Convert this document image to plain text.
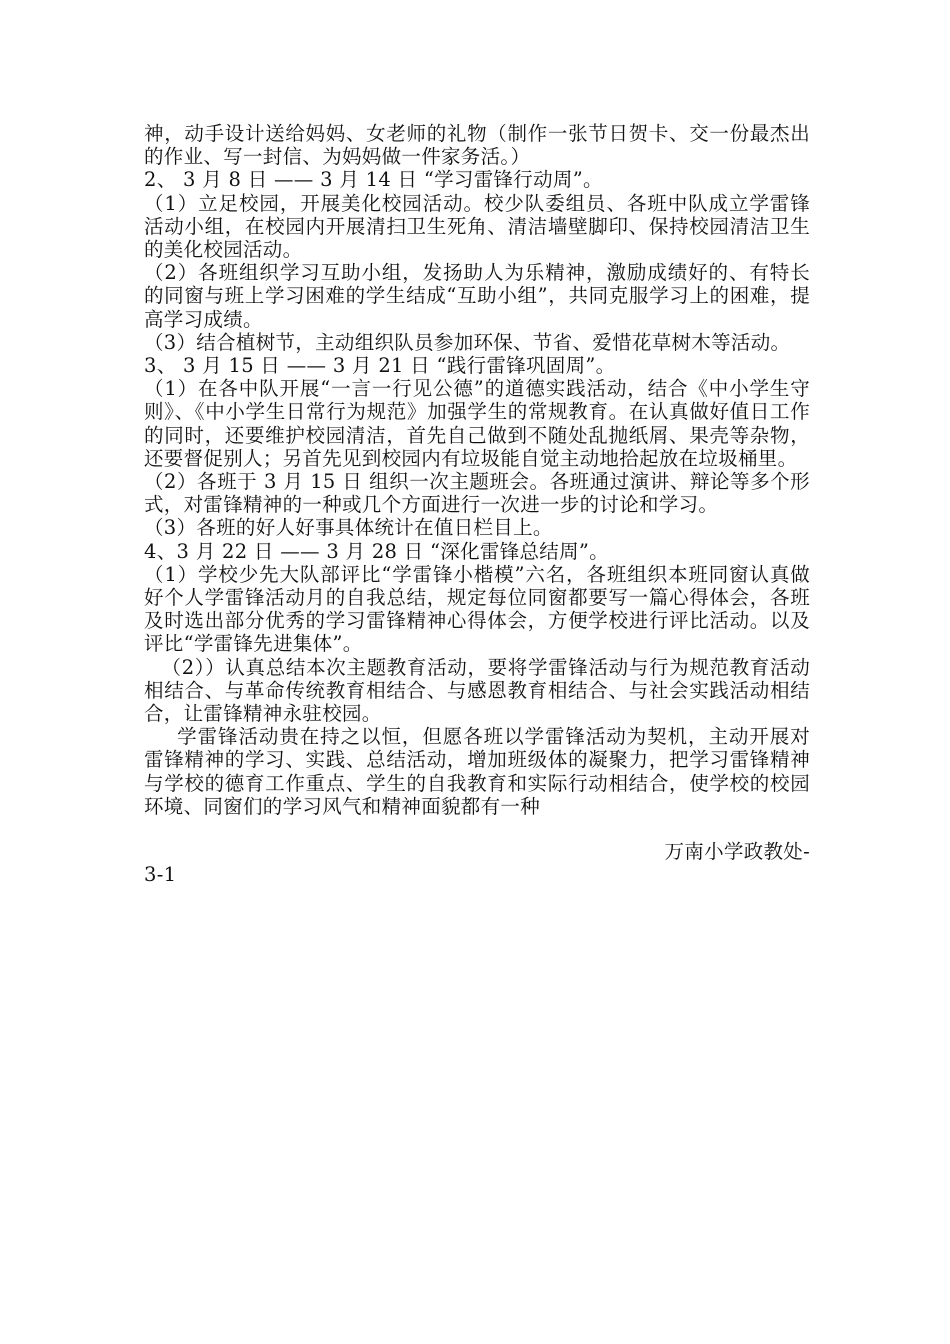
神，动手设计送给妈妈、女老师的礼物（制作一张节日贺卡、交一份最杰出的作业、写一封信、为妈妈做一件家务活。）

2、 3 月 8 日 —— 3 月 14 日 “学习雷锋行动周”。

（1）立足校园，开展美化校园活动。校少队委组员、各班中队成立学雷锋活动小组，在校园内开展清扫卫生死角、清洁墙壁脚印、保持校园清洁卫生的美化校园活动。

（2）各班组织学习互助小组，发扬助人为乐精神，激励成绩好的、有特长的同窗与班上学习困难的学生结成“互助小组”，共同克服学习上的困难，提高学习成绩。

（3）结合植树节，主动组织队员参加环保、节省、爱惜花草树木等活动。

3、 3 月 15 日 —— 3 月 21 日 “践行雷锋巩固周”。

（1）在各中队开展“一言一行见公德”的道德实践活动，结合《中小学生守则》、《中小学生日常行为规范》加强学生的常规教育。在认真做好值日工作的同时，还要维护校园清洁，首先自己做到不随处乱抛纸屑、果壳等杂物，还要督促别人；另首先见到校园内有垃圾能自觉主动地拾起放在垃圾桶里。

（2）各班于 3 月 15 日 组织一次主题班会。各班通过演讲、辩论等多个形式，对雷锋精神的一种或几个方面进行一次进一步的讨论和学习。

（3）各班的好人好事具体统计在值日栏目上。

4、3 月 22 日 —— 3 月 28 日 “深化雷锋总结周”。

（1）学校少先大队部评比“学雷锋小楷模”六名，各班组织本班同窗认真做好个人学雷锋活动月的自我总结，规定每位同窗都要写一篇心得体会，各班及时选出部分优秀的学习雷锋精神心得体会，方便学校进行评比活动。以及评比“学雷锋先进集体”。

（2））认真总结本次主题教育活动，要将学雷锋活动与行为规范教育活动相结合、与革命传统教育相结合、与感恩教育相结合、与社会实践活动相结合，让雷锋精神永驻校园。

学雷锋活动贵在持之以恒，但愿各班以学雷锋活动为契机，主动开展对雷锋精神的学习、实践、总结活动，增加班级体的凝聚力，把学习雷锋精神与学校的德育工作重点、学生的自我教育和实际行动相结合，使学校的校园环境、同窗们的学习风气和精神面貌都有一种

万南小学政教处-

3-1
